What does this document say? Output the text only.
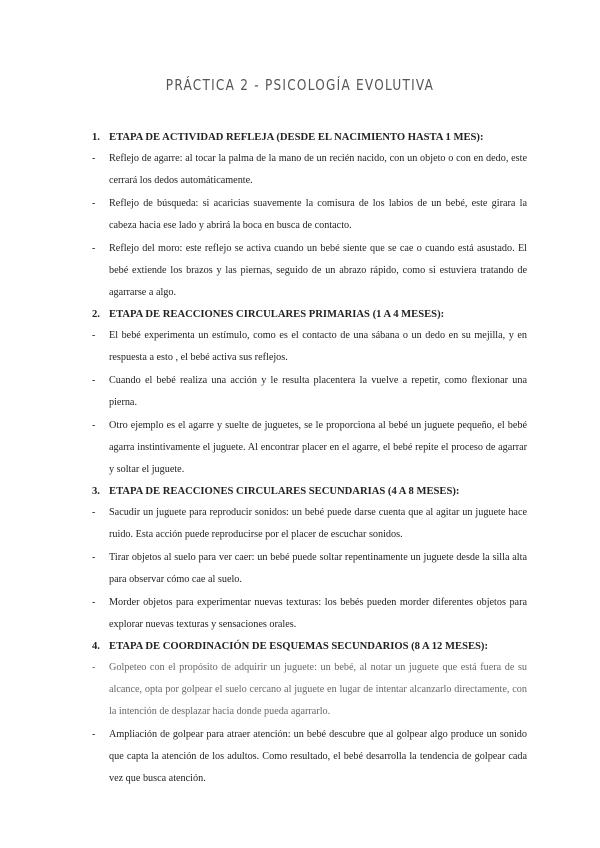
PRÁCTICA 2 - PSICOLOGÍA EVOLUTIVA

1. ETAPA DE ACTIVIDAD REFLEJA (DESDE EL NACIMIENTO HASTA 1 MES):

- Reflejo de agarre: al tocar la palma de la mano de un recién nacido, con un objeto o con en dedo, este cerrará los dedos automáticamente.
- Reflejo de búsqueda: si acaricias suavemente la comisura de los labios de un bebé, este girara la cabeza hacia ese lado y abrirá la boca en busca de contacto.
- Reflejo del moro: este reflejo se activa cuando un bebé siente que se cae o cuando está asustado. El bebé extiende los brazos y las piernas, seguido de un abrazo rápido, como si estuviera tratando de agarrarse a algo.

2. ETAPA DE REACCIONES CIRCULARES PRIMARIAS (1 A 4 MESES):

- El bebé experimenta un estímulo, como es el contacto de una sábana o un dedo en su mejilla, y en respuesta a esto , el bebé activa sus reflejos.
- Cuando el bebé realiza una acción y le resulta placentera la vuelve a repetir, como flexionar una pierna.
- Otro ejemplo es el agarre y suelte de juguetes, se le proporciona al bebé un juguete pequeño, el bebé agarra instintivamente el juguete. Al encontrar placer en el agarre, el bebé repite el proceso de agarrar y soltar el juguete.

3. ETAPA DE REACCIONES CIRCULARES SECUNDARIAS (4 A 8 MESES):

- Sacudir un juguete para reproducir sonidos: un bebé puede darse cuenta que al agitar un juguete hace ruido. Esta acción puede reproducirse por el placer de escuchar sonidos.
- Tirar objetos al suelo para ver caer: un bebé puede soltar repentinamente un juguete desde la silla alta para observar cómo cae al suelo.
- Morder objetos para experimentar nuevas texturas: los bebés pueden morder diferentes objetos para explorar nuevas texturas y sensaciones orales.

4. ETAPA DE COORDINACIÓN DE ESQUEMAS SECUNDARIOS (8 A 12 MESES):

- Golpeteo con el propósito de adquirir un juguete: un bebé, al notar un juguete que está fuera de su alcance, opta por golpear el suelo cercano al juguete en lugar de intentar alcanzarlo directamente, con la intención de desplazar hacia donde pueda agarrarlo.
- Ampliación de golpear para atraer atención: un bebé descubre que al golpear algo produce un sonido que capta la atención de los adultos. Como resultado, el bebé desarrolla la tendencia de golpear cada vez que busca atención.
